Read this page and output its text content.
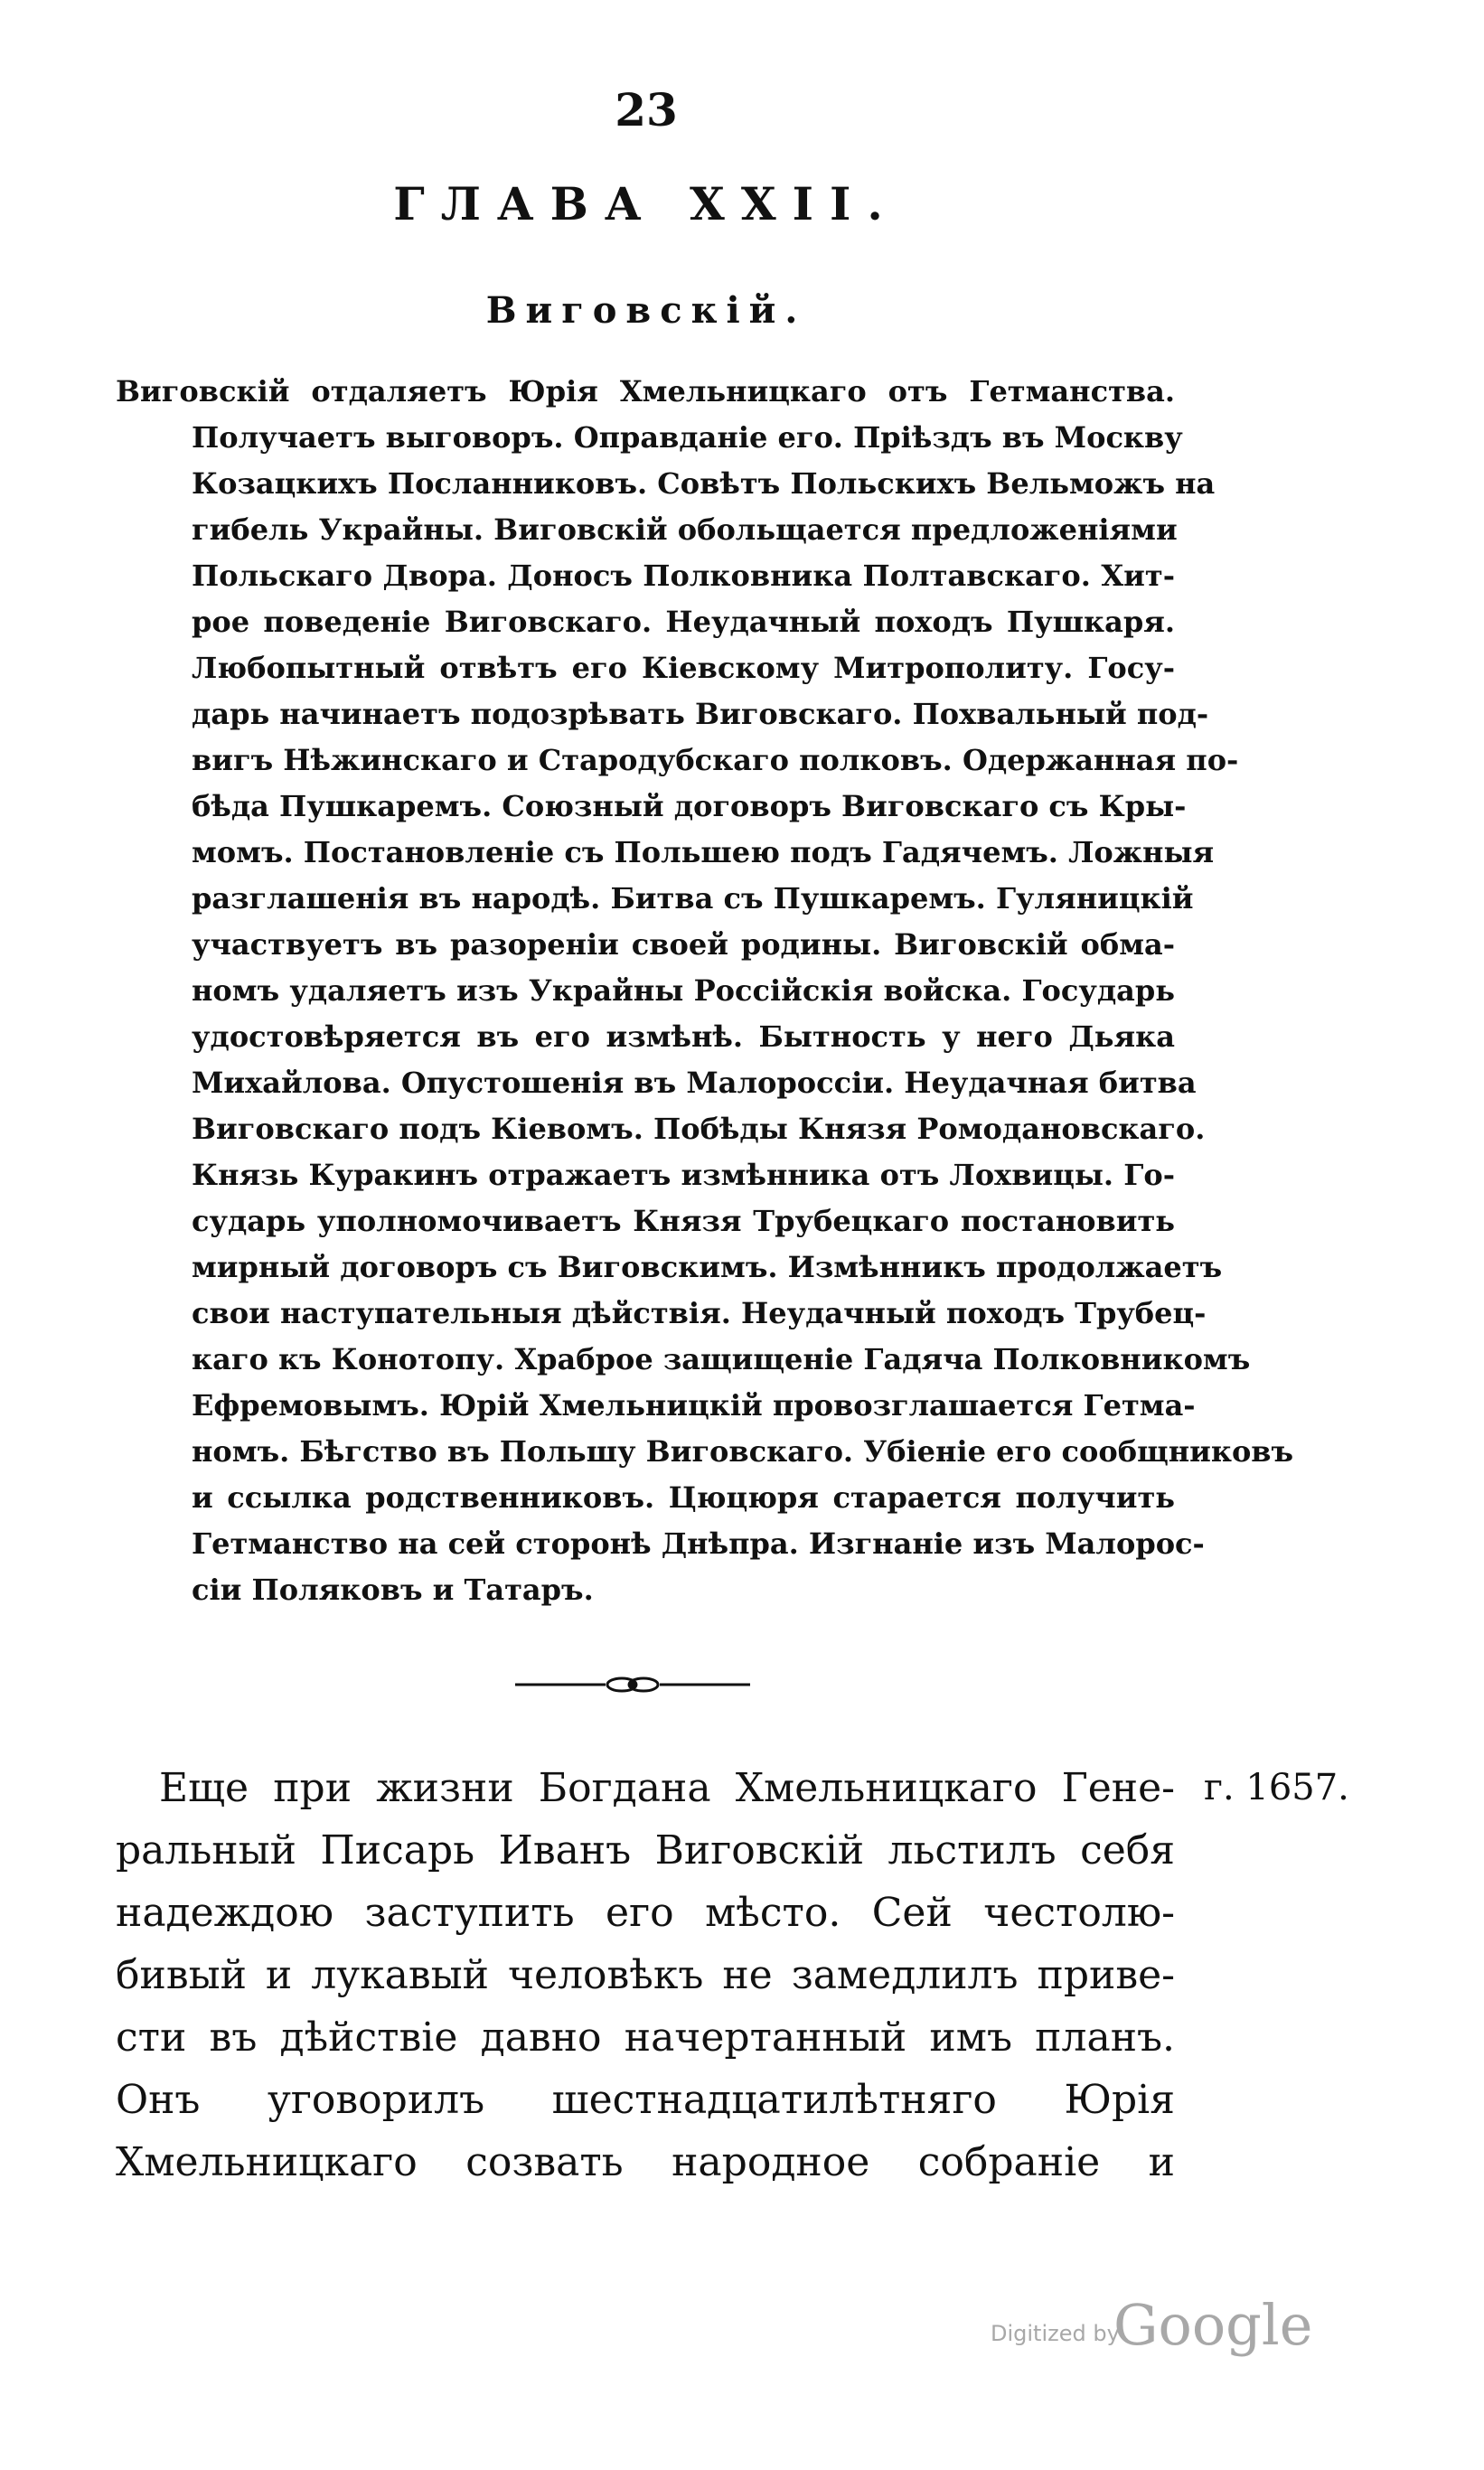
23
ГЛАВА XXII.
Виговскій.
Виговскій отдаляетъ Юрія Хмельницкаго отъ Гетманства.
Получаетъ выговоръ. Оправданіе его. Пріѣздъ въ Москву
Козацкихъ Посланниковъ. Совѣтъ Польскихъ Вельможъ на
гибель Украйны. Виговскій обольщается предложеніями
Польскаго Двора. Доносъ Полковника Полтавскаго. Хит-
рое поведеніе Виговскаго. Неудачный походъ Пушкаря.
Любопытный отвѣтъ его Кіевскому Митрополиту. Госу-
дарь начинаетъ подозрѣвать Виговскаго. Похвальный под-
вигъ Нѣжинскаго и Стародубскаго полковъ. Одержанная по-
бѣда Пушкаремъ. Союзный договоръ Виговскаго съ Кры-
момъ. Постановленіе съ Польшею подъ Гадячемъ. Ложныя
разглашенія въ народѣ. Битва съ Пушкаремъ. Гуляницкій
участвуетъ въ разореніи своей родины. Виговскій обма-
номъ удаляетъ изъ Украйны Россійскія войска. Государь
удостовѣряется въ его измѣнѣ. Бытность у него Дьяка
Михайлова. Опустошенія въ Малороссіи. Неудачная битва
Виговскаго подъ Кіевомъ. Побѣды Князя Ромодановскаго.
Князь Куракинъ отражаетъ измѣнника отъ Лохвицы. Го-
сударь уполномочиваетъ Князя Трубецкаго постановить
мирный договоръ съ Виговскимъ. Измѣнникъ продолжаетъ
свои наступательныя дѣйствія. Неудачный походъ Трубец-
каго къ Конотопу. Храброе защищеніе Гадяча Полковникомъ
Ефремовымъ. Юрій Хмельницкій провозглашается Гетма-
номъ. Бѣгство въ Польшу Виговскаго. Убіеніе его сообщниковъ
и ссылка родственниковъ. Цюцюря старается получить
Гетманство на сей сторонѣ Днѣпра. Изгнаніе изъ Малорос-
сіи Поляковъ и Татаръ.
Еще при жизни Богдана Хмельницкаго Гене-
ральный Писарь Иванъ Виговскій льстилъ себя
надеждою заступить его мѣсто. Сей честолю-
бивый и лукавый человѣкъ не замедлилъ приве-
сти въ дѣйствіе давно начертанный имъ планъ.
Онъ уговорилъ шестнадцатилѣтняго Юрія
Хмельницкаго созвать народное собраніе и
г. 1657.
Digitized by
Google
